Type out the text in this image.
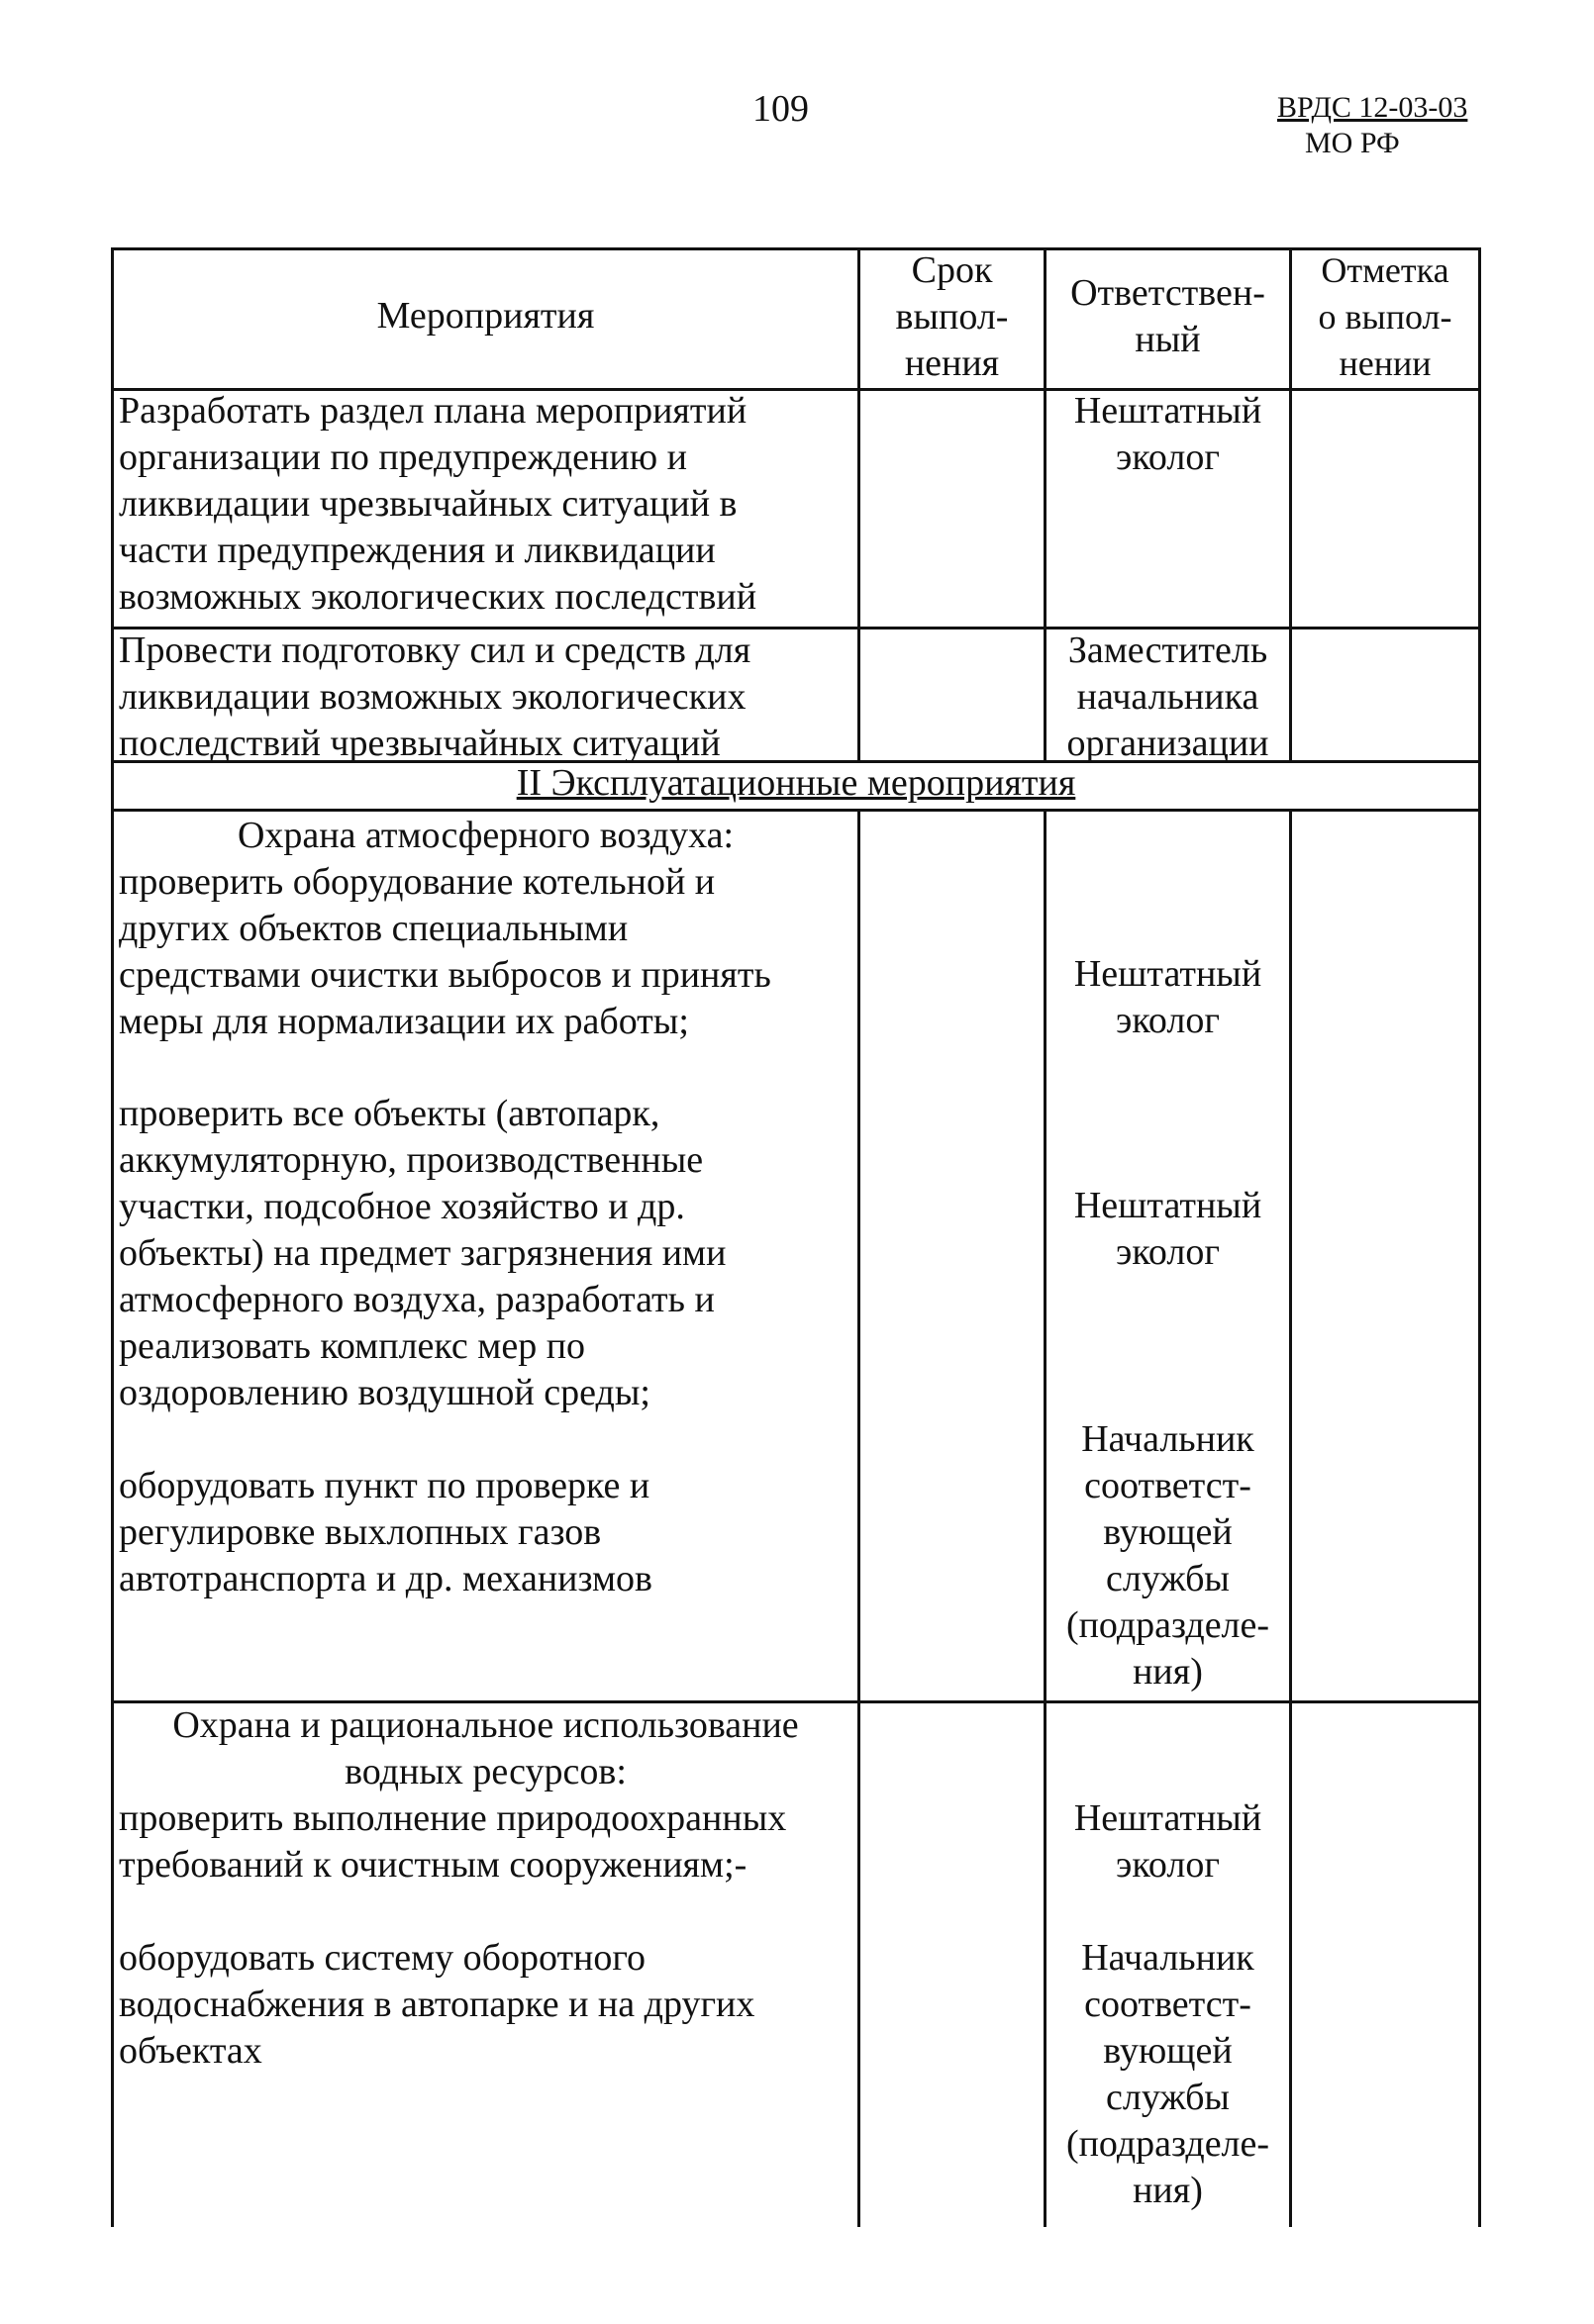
109	ВРДС 12-03-03
МО РФ
Мероприятия
Срок
выпол-
нения
Ответствен-
ный
Отметка
о выпол-
нении
Разработать раздел плана мероприятий
организации по предупреждению и
ликвидации чрезвычайных ситуаций в
части предупреждения и ликвидации
возможных экологических последствий
Нештатный
эколог
Провести подготовку сил и средств для
ликвидации возможных экологических
последствий чрезвычайных ситуаций
Заместитель
начальника
организации
II Эксплуатационные мероприятия
Охрана атмосферного воздуха:
проверить оборудование котельной и
других объектов специальными
средствами очистки выбросов и принять
меры для нормализации их работы;
Нештатный
эколог
проверить все объекты (автопарк,
аккумуляторную, производственные
участки, подсобное хозяйство и др.
объекты) на предмет загрязнения ими
атмосферного воздуха, разработать и
реализовать комплекс мер по
оздоровлению воздушной среды;
Нештатный
эколог
оборудовать пункт по проверке и
регулировке выхлопных газов
автотранспорта и др. механизмов
Начальник
соответст-
вующей
службы
(подразделе-
ния)
Охрана и рациональное использование
водных ресурсов:
проверить выполнение природоохранных
требований к очистным сооружениям;-
Нештатный
эколог
оборудовать систему оборотного
водоснабжения в автопарке и на других
объектах
Начальник
соответст-
вующей
службы
(подразделе-
ния)
